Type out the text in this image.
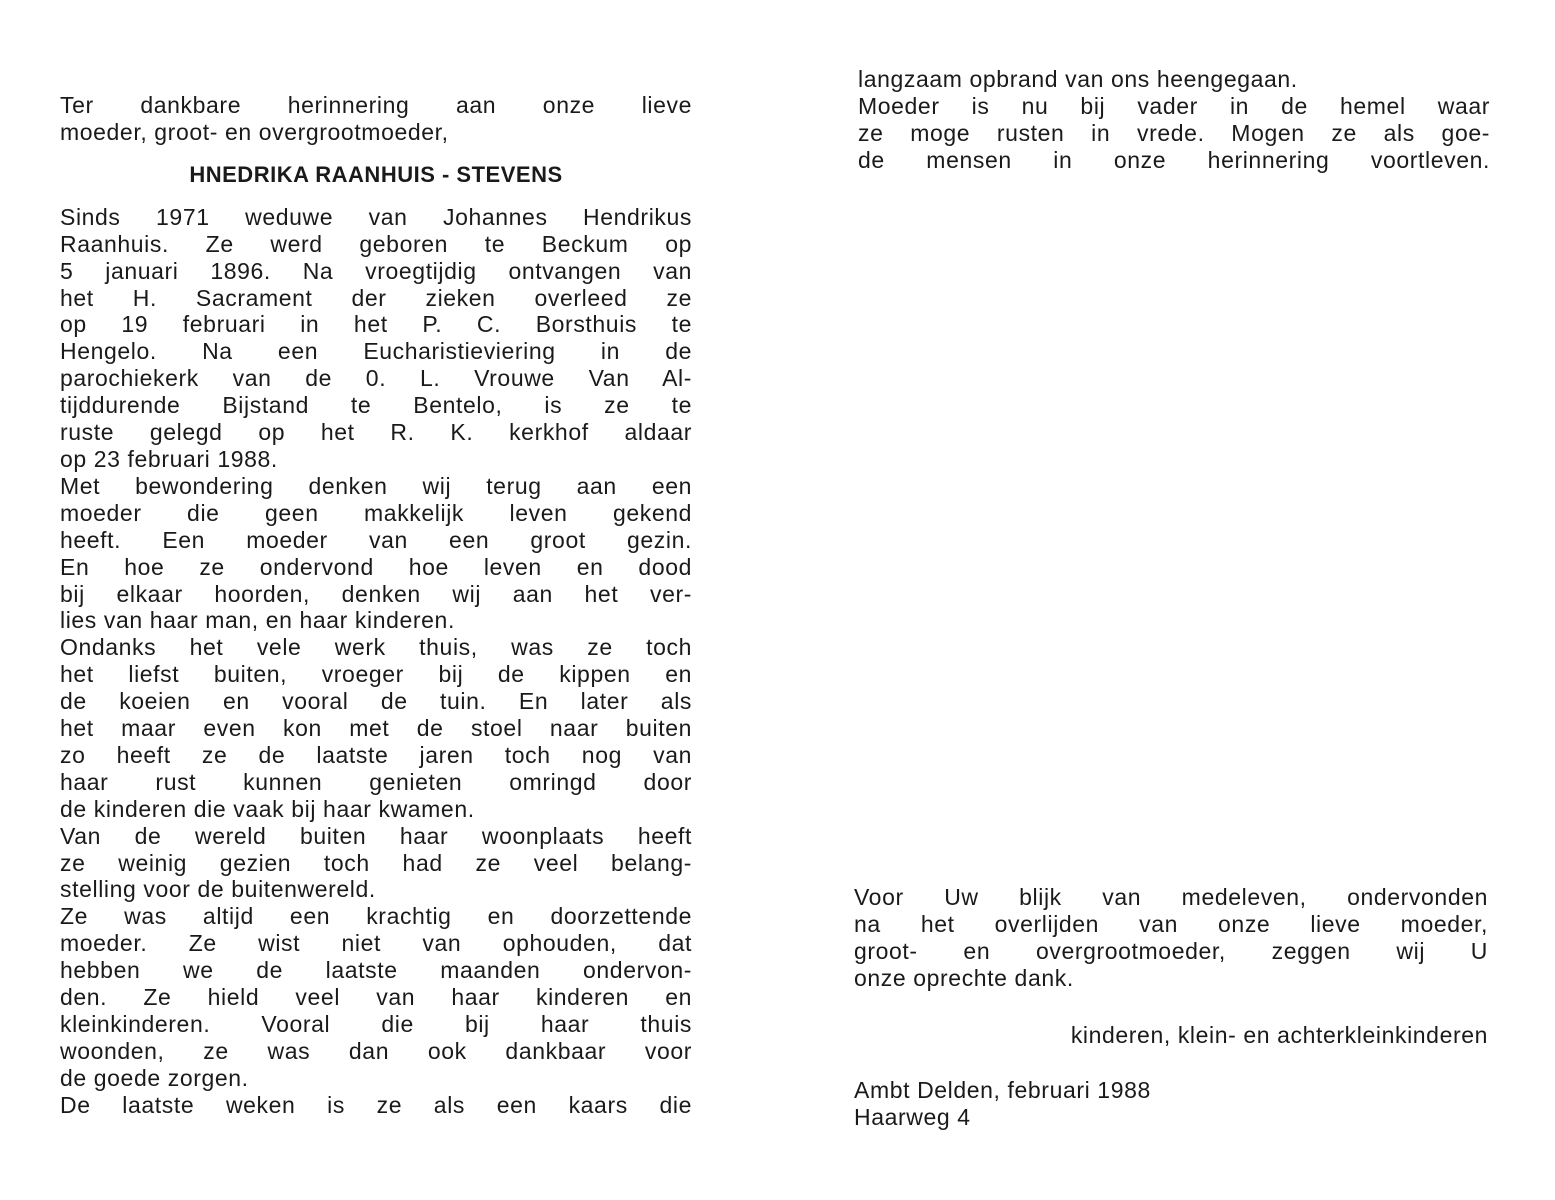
Ter dankbare herinnering aan onze lieve
moeder, groot- en overgrootmoeder,
HNEDRIKA RAANHUIS - STEVENS
Sinds 1971 weduwe van Johannes Hendrikus
Raanhuis. Ze werd geboren te Beckum op
5 januari 1896. Na vroegtijdig ontvangen van
het H. Sacrament der zieken overleed ze
op 19 februari in het P. C. Borsthuis te
Hengelo. Na een Eucharistieviering in de
parochiekerk van de 0. L. Vrouwe Van Al-
tijddurende Bijstand te Bentelo, is ze te
ruste gelegd op het R. K. kerkhof aldaar
op 23 februari 1988.
Met bewondering denken wij terug aan een
moeder die geen makkelijk leven gekend
heeft. Een moeder van een groot gezin.
En hoe ze ondervond hoe leven en dood
bij elkaar hoorden, denken wij aan het ver-
lies van haar man, en haar kinderen.
Ondanks het vele werk thuis, was ze toch
het liefst buiten, vroeger bij de kippen en
de koeien en vooral de tuin. En later als
het maar even kon met de stoel naar buiten
zo heeft ze de laatste jaren toch nog van
haar rust kunnen genieten omringd door
de kinderen die vaak bij haar kwamen.
Van de wereld buiten haar woonplaats heeft
ze weinig gezien toch had ze veel belang-
stelling voor de buitenwereld.
Ze was altijd een krachtig en doorzettende
moeder. Ze wist niet van ophouden, dat
hebben we de laatste maanden ondervon-
den. Ze hield veel van haar kinderen en
kleinkinderen. Vooral die bij haar thuis
woonden, ze was dan ook dankbaar voor
de goede zorgen.
De laatste weken is ze als een kaars die
langzaam opbrand van ons heengegaan.
Moeder is nu bij vader in de hemel waar
ze moge rusten in vrede. Mogen ze als goe-
de mensen in onze herinnering voortleven.
Voor Uw blijk van medeleven, ondervonden
na het overlijden van onze lieve moeder,
groot- en overgrootmoeder, zeggen wij U
onze oprechte dank.
kinderen, klein- en achterkleinkinderen
Ambt Delden, februari 1988
Haarweg 4
